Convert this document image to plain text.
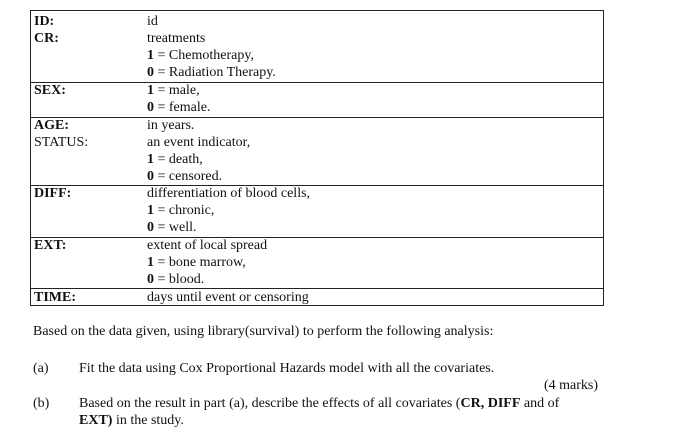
ID:	id
CR:	treatments
1 = Chemotherapy,
0 = Radiation Therapy.
SEX:	1 = male,
0 = female.
AGE:	in years.
STATUS:	an event indicator,
1 = death,
0 = censored.
DIFF:	differentiation of blood cells,
1 = chronic,
0 = well.
EXT:	extent of local spread
1 = bone marrow,
0 = blood.
TIME:	days until event or censoring
Based on the data given, using library(survival) to perform the following analysis:
(a) Fit the data using Cox Proportional Hazards model with all the covariates.
(4 marks)
(b) Based on the result in part (a), describe the effects of all covariates (CR, DIFF and of
EXT) in the study.
